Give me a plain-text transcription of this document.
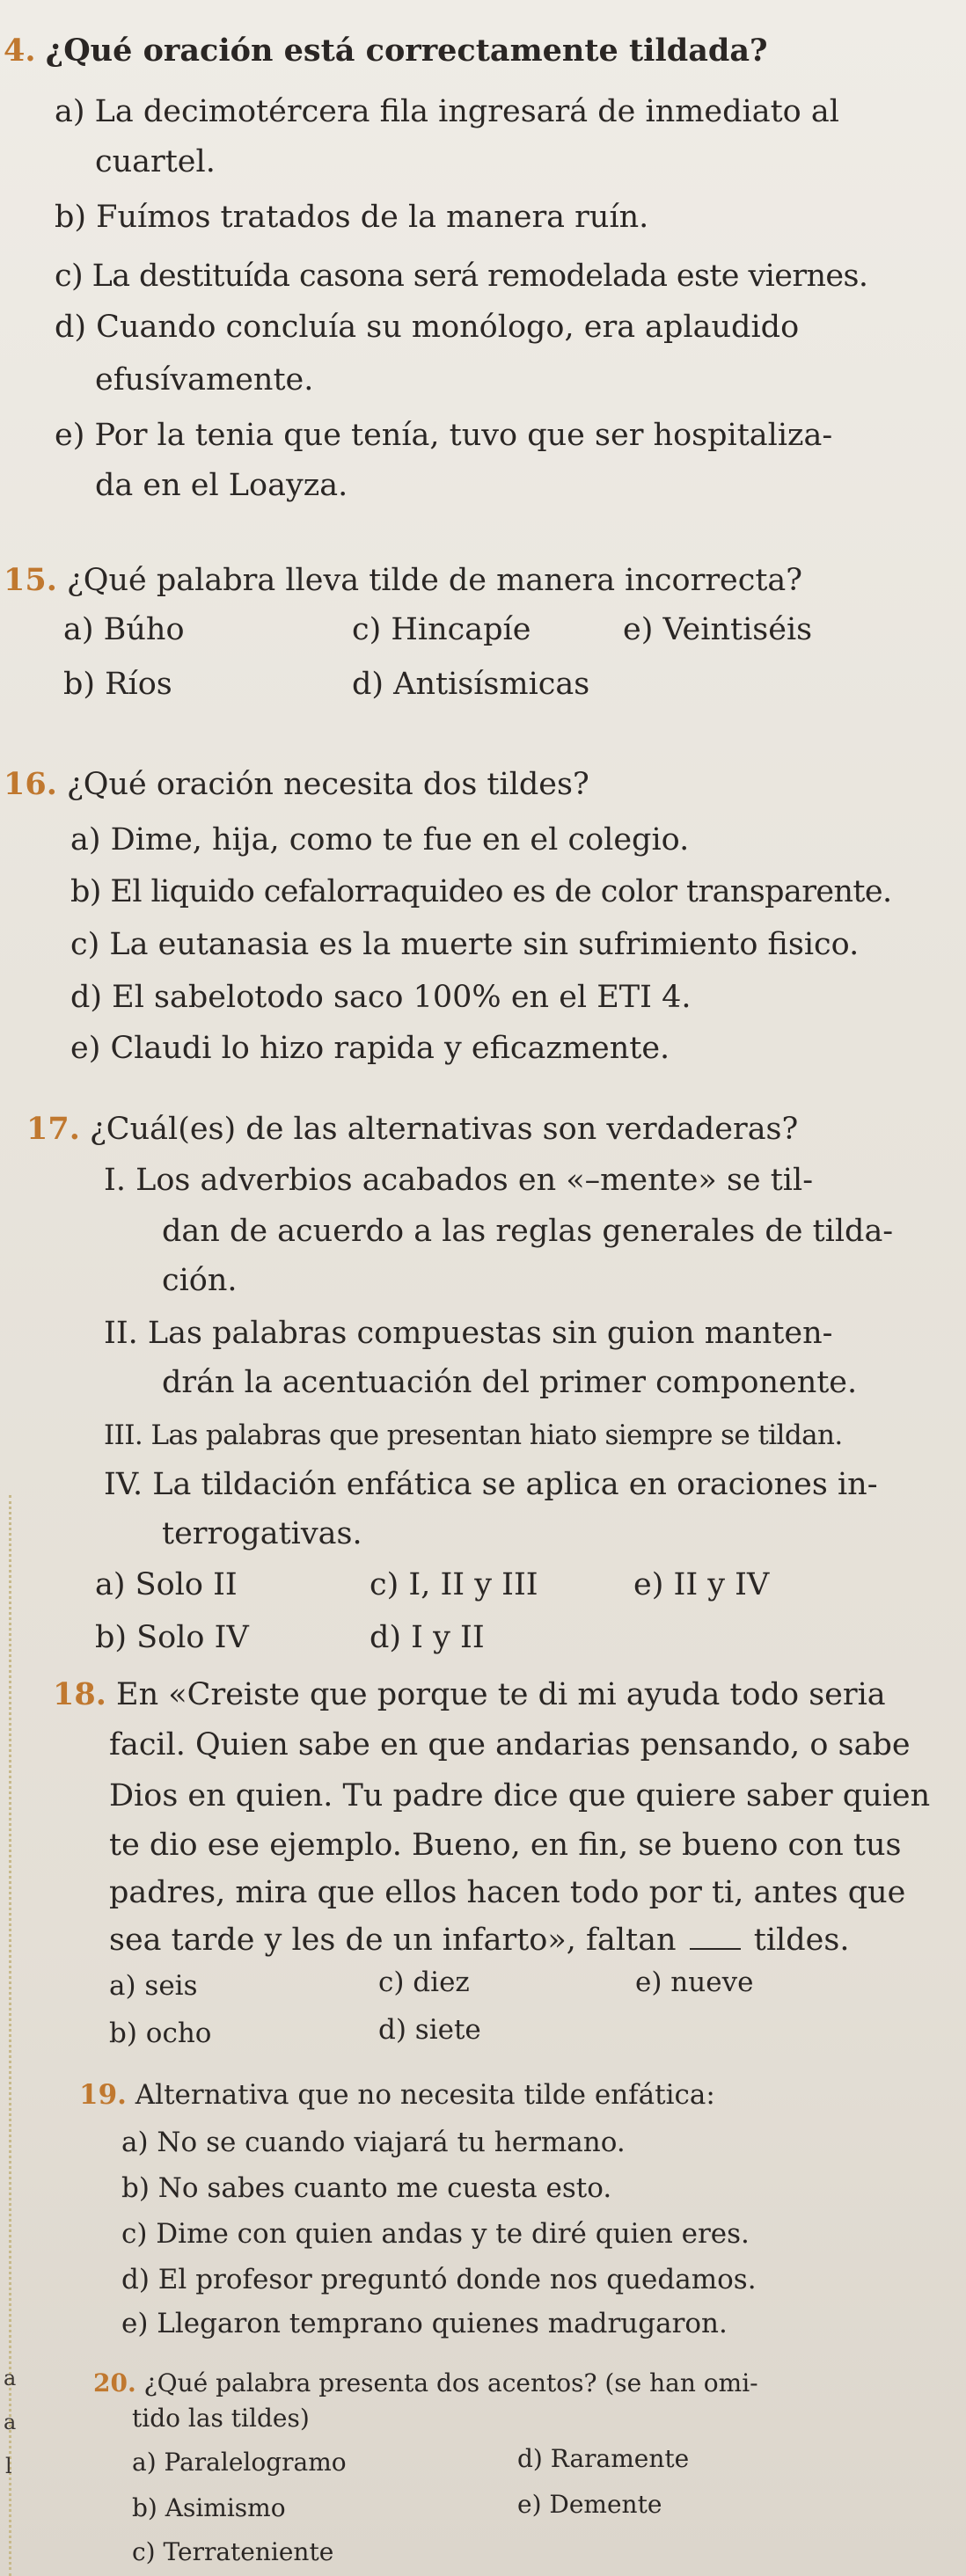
4. ¿Qué oración está correctamente tildada?
a) La decimotércera fila ingresará de inmediato al
cuartel.
b) Fuímos tratados de la manera ruín.
c) La destituída casona será remodelada este viernes.
d) Cuando concluía su monólogo, era aplaudido
efusívamente.
e) Por la tenia que tenía, tuvo que ser hospitaliza-
da en el Loayza.
15. ¿Qué palabra lleva tilde de manera incorrecta?
a) Búho	c) Hincapíe	e) Veintiséis
b) Ríos	d) Antisísmicas
16. ¿Qué oración necesita dos tildes?
a) Dime, hija, como te fue en el colegio.
b) El liquido cefalorraquideo es de color transparente.
c) La eutanasia es la muerte sin sufrimiento fisico.
d) El sabelotodo saco 100% en el ETI 4.
e) Claudi lo hizo rapida y eficazmente.
17. ¿Cuál(es) de las alternativas son verdaderas?
I. Los adverbios acabados en «–mente» se til-
dan de acuerdo a las reglas generales de tilda-
ción.
II. Las palabras compuestas sin guion manten-
drán la acentuación del primer componente.
III. Las palabras que presentan hiato siempre se tildan.
IV. La tildación enfática se aplica en oraciones in-
terrogativas.
a) Solo II	c) I, II y III	e) II y IV
b) Solo IV	d) I y II
18. En «Creiste que porque te di mi ayuda todo seria
facil. Quien sabe en que andarias pensando, o sabe
Dios en quien. Tu padre dice que quiere saber quien
te dio ese ejemplo. Bueno, en fin, se bueno con tus
padres, mira que ellos hacen todo por ti, antes que
sea tarde y les de un infarto», faltan	tildes.
a) seis	c) diez	e) nueve
b) ocho	d) siete
19. Alternativa que no necesita tilde enfática:
a) No se cuando viajará tu hermano.
b) No sabes cuanto me cuesta esto.
c) Dime con quien andas y te diré quien eres.
d) El profesor preguntó donde nos quedamos.
e) Llegaron temprano quienes madrugaron.
20. ¿Qué palabra presenta dos acentos? (se han omi-
tido las tildes)
a) Paralelogramo	d) Raramente
b) Asimismo	e) Demente
c) Terrateniente
a
a
l
